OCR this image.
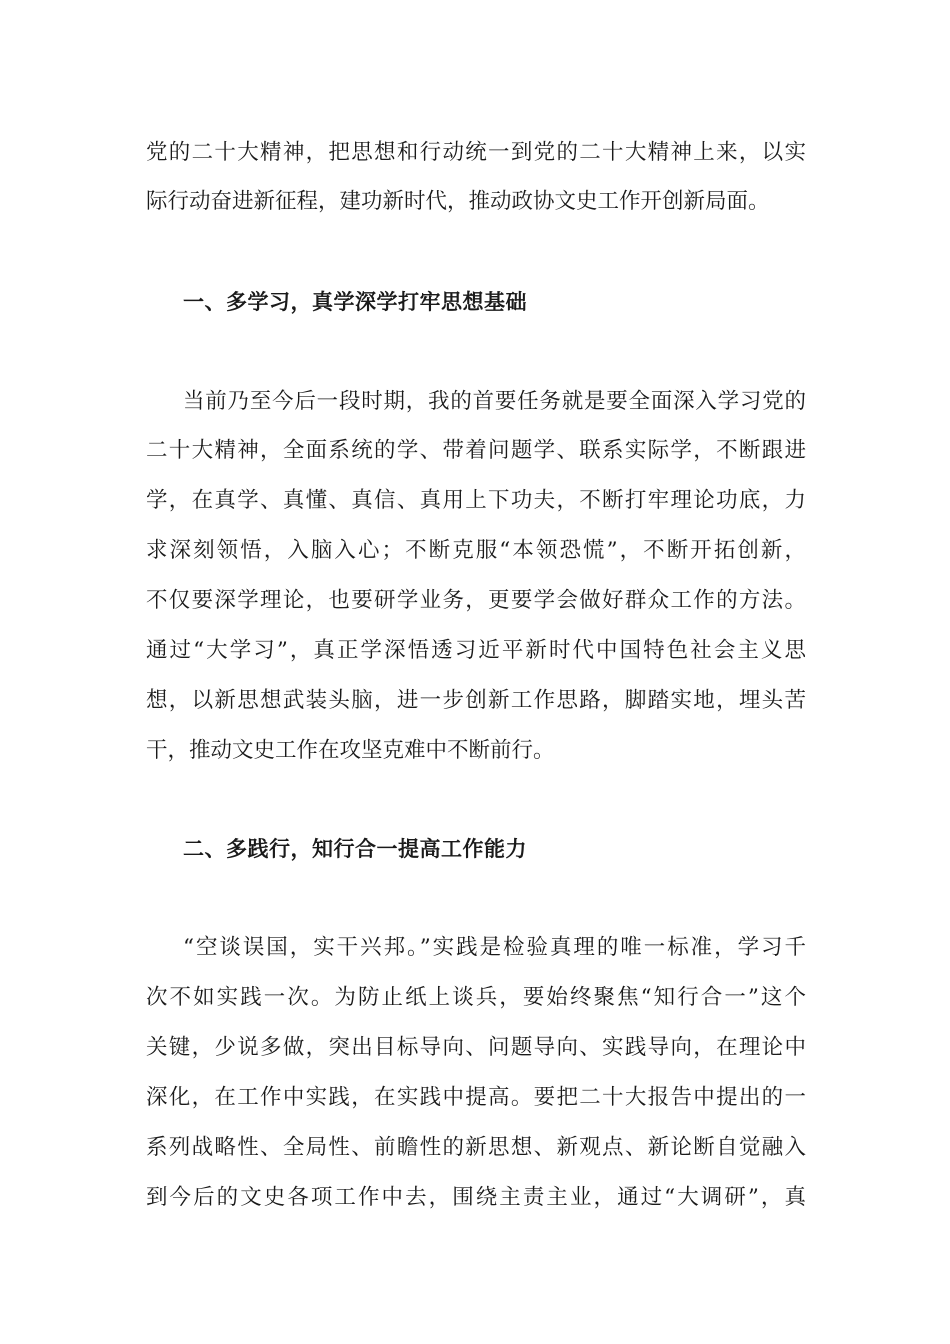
党的二十大精神，把思想和行动统一到党的二十大精神上来，以实
际行动奋进新征程，建功新时代，推动政协文史工作开创新局面。
一、多学习，真学深学打牢思想基础
当前乃至今后一段时期，我的首要任务就是要全面深入学习党的
二十大精神，全面系统的学、带着问题学、联系实际学，不断跟进
学，在真学、真懂、真信、真用上下功夫，不断打牢理论功底，力
求深刻领悟，入脑入心；不断克服“本领恐慌”，不断开拓创新，
不仅要深学理论，也要研学业务，更要学会做好群众工作的方法。
通过“大学习”，真正学深悟透习近平新时代中国特色社会主义思
想，以新思想武装头脑，进一步创新工作思路，脚踏实地，埋头苦
干，推动文史工作在攻坚克难中不断前行。
二、多践行，知行合一提高工作能力
“空谈误国，实干兴邦。”实践是检验真理的唯一标准，学习千
次不如实践一次。为防止纸上谈兵，要始终聚焦“知行合一”这个
关键，少说多做，突出目标导向、问题导向、实践导向，在理论中
深化，在工作中实践，在实践中提高。要把二十大报告中提出的一
系列战略性、全局性、前瞻性的新思想、新观点、新论断自觉融入
到今后的文史各项工作中去，围绕主责主业，通过“大调研”，真
